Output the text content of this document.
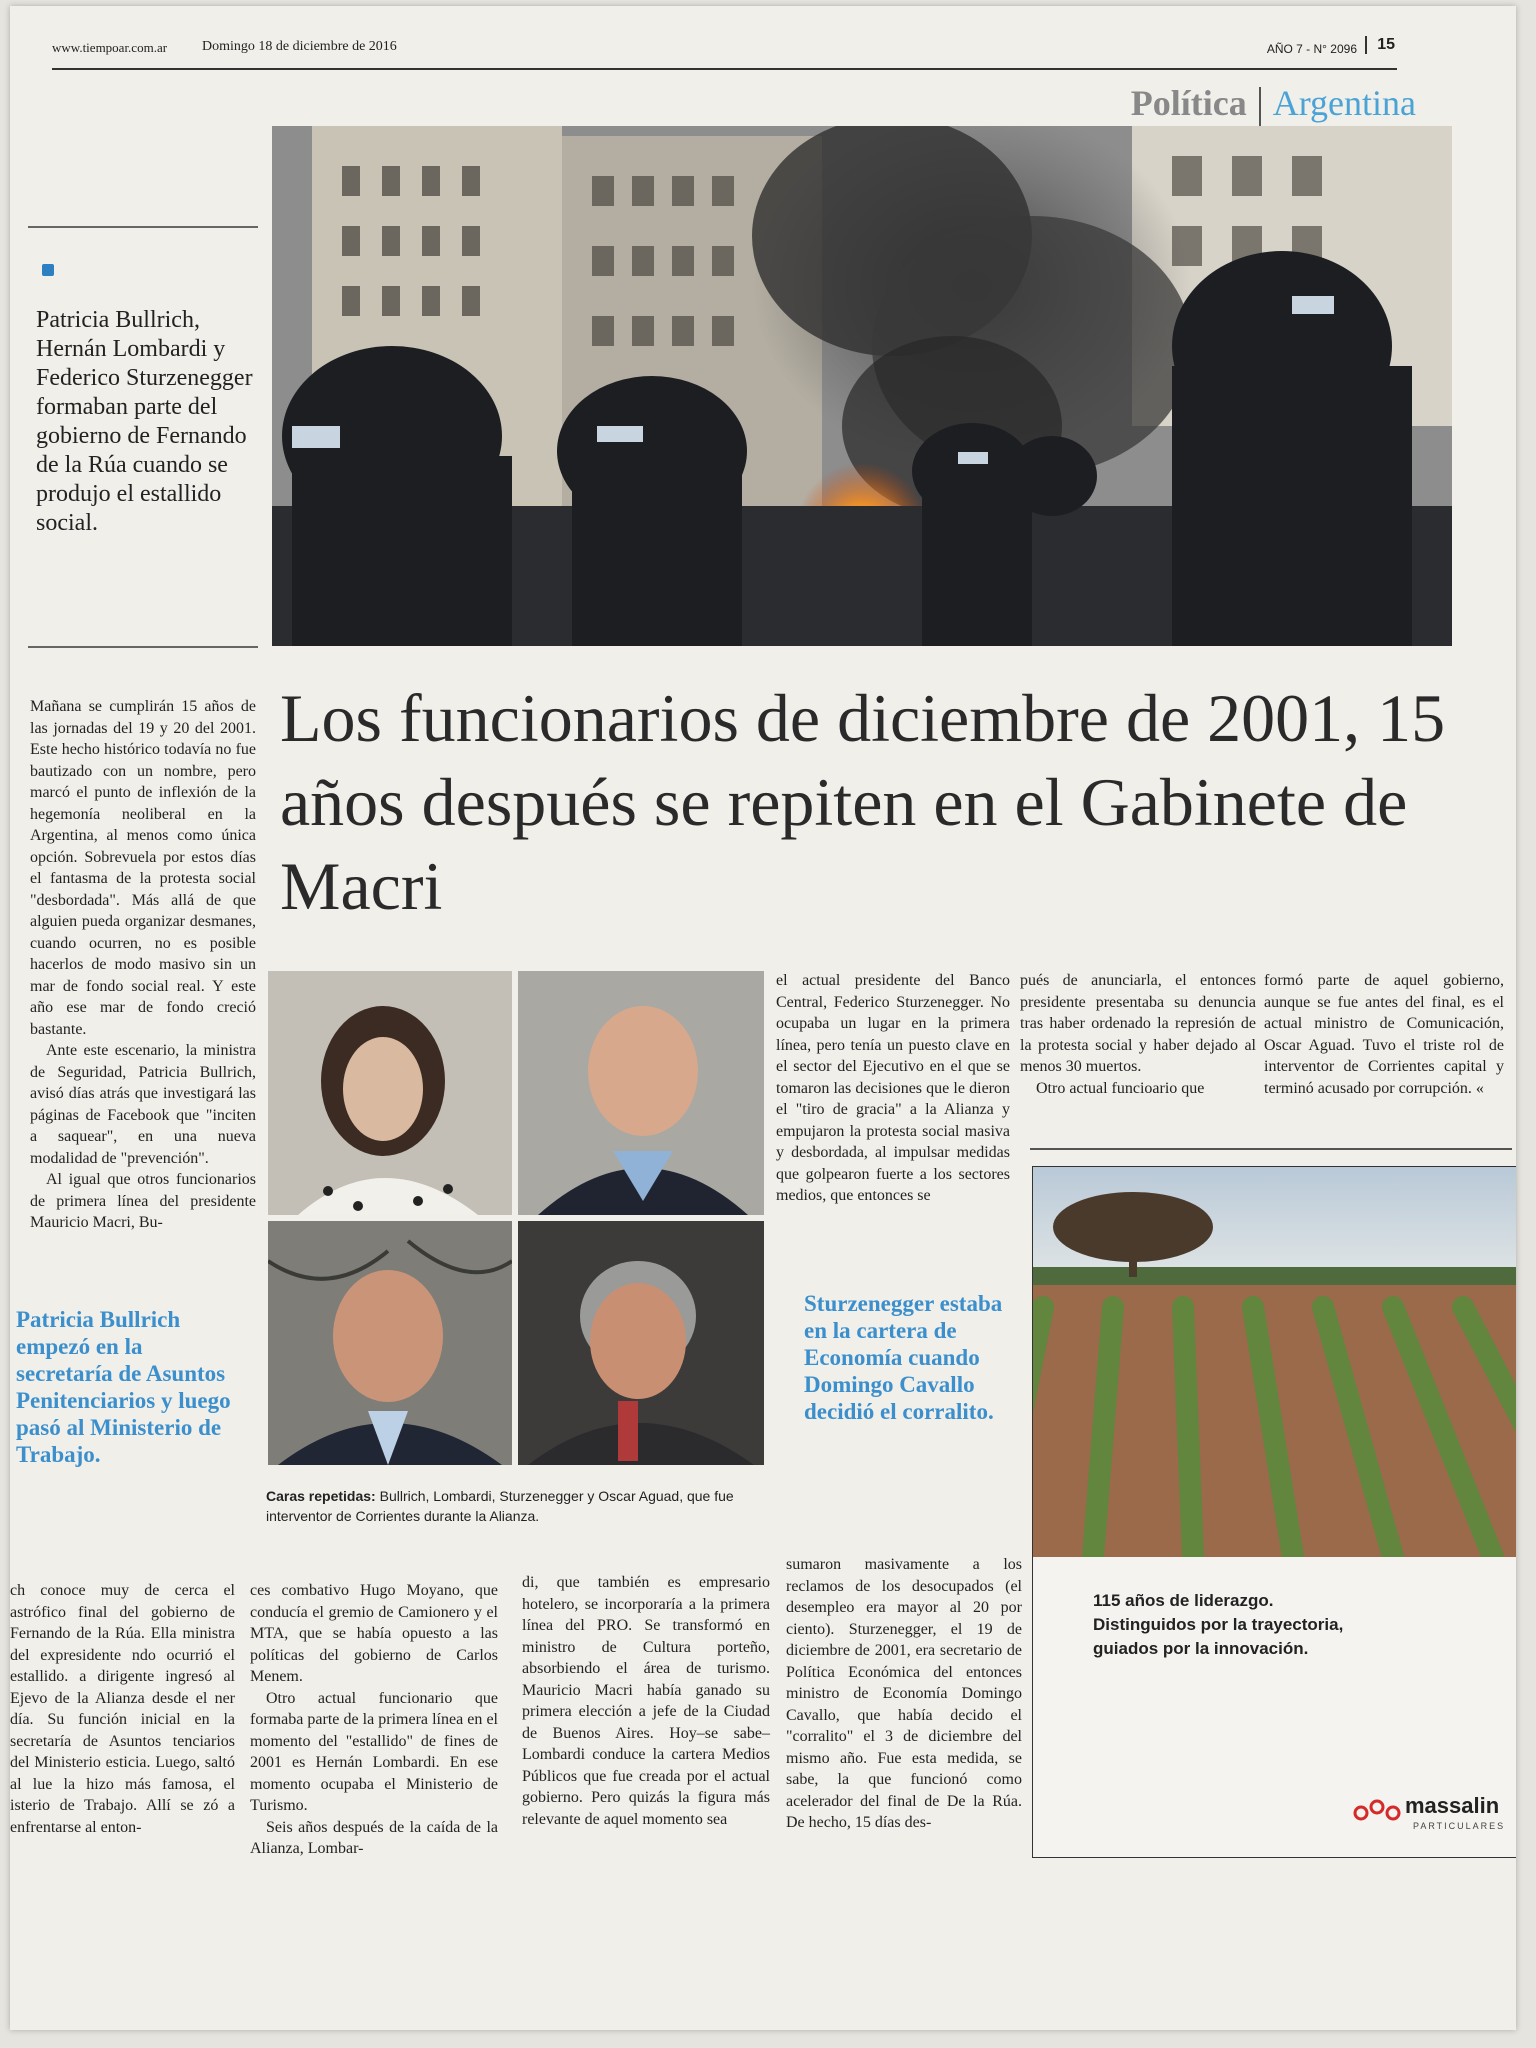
www.tiempoar.com.ar Domingo 18 de diciembre de 2016	AÑO 7 - N° 2096	15
Política Argentina
Patricia Bullrich, Hernán Lombardi y Federico Sturzenegger formaban parte del gobierno de Fernando de la Rúa cuando se produjo el estallido social.

Mañana se cumplirán 15 años de las jornadas del 19 y 20 del 2001. Este hecho histórico todavía no fue bautizado con un nombre, pero marcó el punto de inflexión de la hegemonía neoliberal en la Argentina, al menos como única opción. Sobrevuela por estos días el fantasma de la protesta social "desbordada". Más allá de que alguien pueda organizar desmanes, cuando ocurren, no es posible hacerlos de modo masivo sin un mar de fondo social real. Y este año ese mar de fondo creció bastante.

Ante este escenario, la ministra de Seguridad, Patricia Bullrich, avisó días atrás que investigará las páginas de Facebook que "inciten a saquear", en una nueva modalidad de "prevención".

Al igual que otros funcionarios de primera línea del presidente Mauricio Macri, Bu-

Los funcionarios de diciembre de 2001, 15 años después se repiten en el Gabinete de Macri
Patricia Bullrich empezó en la secretaría de Asuntos Penitenciarios y luego pasó al Ministerio de Trabajo.

ch conoce muy de cerca el astrófico final del gobierno de Fernando de la Rúa. Ella ministra del expresidente ndo ocurrió el estallido. a dirigente ingresó al Ejevo de la Alianza desde el ner día. Su función inicial en la secretaría de Asuntos tenciarios del Ministerio esticia. Luego, saltó al lue la hizo más famosa, el isterio de Trabajo. Allí se zó a enfrentarse al enton-

Caras repetidas: Bullrich, Lombardi, Sturzenegger y Oscar Aguad, que fue interventor de Corrientes durante la Alianza.

el actual presidente del Banco Central, Federico Sturzenegger. No ocupaba un lugar en la primera línea, pero tenía un puesto clave en el sector del Ejecutivo en el que se tomaron las decisiones que le dieron el "tiro de gracia" a la Alianza y empujaron la protesta social masiva y desbordada, al impulsar medidas que golpearon fuerte a los sectores medios, que entonces se

pués de anunciarla, el entonces presidente presentaba su denuncia tras haber ordenado la represión de la protesta social y haber dejado al menos 30 muertos.

Otro actual funcioario que

formó parte de aquel gobierno, aunque se fue antes del final, es el actual ministro de Comunicación, Oscar Aguad. Tuvo el triste rol de interventor de Corrientes capital y terminó acusado por corrupción. «

Sturzenegger estaba en la cartera de Economía cuando Domingo Cavallo decidió el corralito.

ces combativo Hugo Moyano, que conducía el gremio de Camionero y el MTA, que se había opuesto a las políticas del gobierno de Carlos Menem.

Otro actual funcionario que formaba parte de la primera línea en el momento del "estallido" de fines de 2001 es Hernán Lombardi. En ese momento ocupaba el Ministerio de Turismo.

Seis años después de la caída de la Alianza, Lombar-

di, que también es empresario hotelero, se incorporaría a la primera línea del PRO. Se transformó en ministro de Cultura porteño, absorbiendo el área de turismo. Mauricio Macri había ganado su primera elección a jefe de la Ciudad de Buenos Aires. Hoy–se sabe– Lombardi conduce la cartera Medios Públicos que fue creada por el actual gobierno. Pero quizás la figura más relevante de aquel momento sea

sumaron masivamente a los reclamos de los desocupados (el desempleo era mayor al 20 por ciento). Sturzenegger, el 19 de diciembre de 2001, era secretario de Política Económica del entonces ministro de Economía Domingo Cavallo, que había decido el "corralito" el 3 de diciembre del mismo año. Fue esta medida, se sabe, la que funcionó como acelerador del final de De la Rúa. De hecho, 15 días des-

115 años de liderazgo.
Distinguidos por la trayectoria,
guiados por la innovación.
massalin
PARTICULARES
